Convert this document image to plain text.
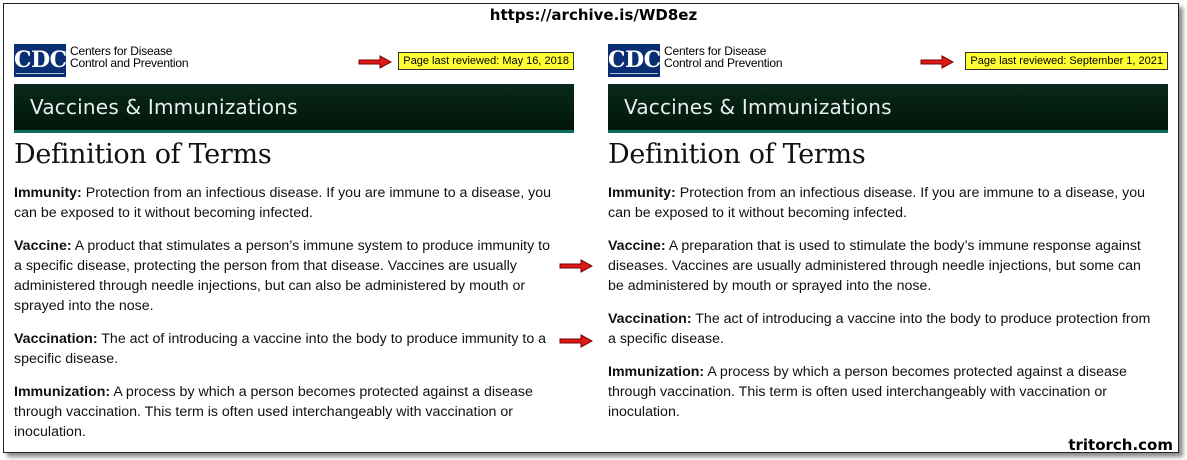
https://archive.is/WD8ez
CDC Centers for Disease
Control and Prevention	Page last reviewed: May 16, 2018
Vaccines & Immunizations
Definition of Terms

Immunity: Protection from an infectious disease. If you are immune to a disease, you can be exposed to it without becoming infected.

Vaccine: A product that stimulates a person’s immune system to produce immunity to a specific disease, protecting the person from that disease. Vaccines are usually administered through needle injections, but can also be administered by mouth or sprayed into the nose.

Vaccination: The act of introducing a vaccine into the body to produce immunity to a specific disease.

Immunization: A process by which a person becomes protected against a disease through vaccination. This term is often used interchangeably with vaccination or inoculation.

CDC Centers for Disease
Control and Prevention	Page last reviewed: September 1, 2021
Vaccines & Immunizations
Definition of Terms

Immunity: Protection from an infectious disease. If you are immune to a disease, you can be exposed to it without becoming infected.

Vaccine: A preparation that is used to stimulate the body’s immune response against diseases. Vaccines are usually administered through needle injections, but some can be administered by mouth or sprayed into the nose.

Vaccination: The act of introducing a vaccine into the body to produce protection from a specific disease.

Immunization: A process by which a person becomes protected against a disease through vaccination. This term is often used interchangeably with vaccination or inoculation.

tritorch.com
